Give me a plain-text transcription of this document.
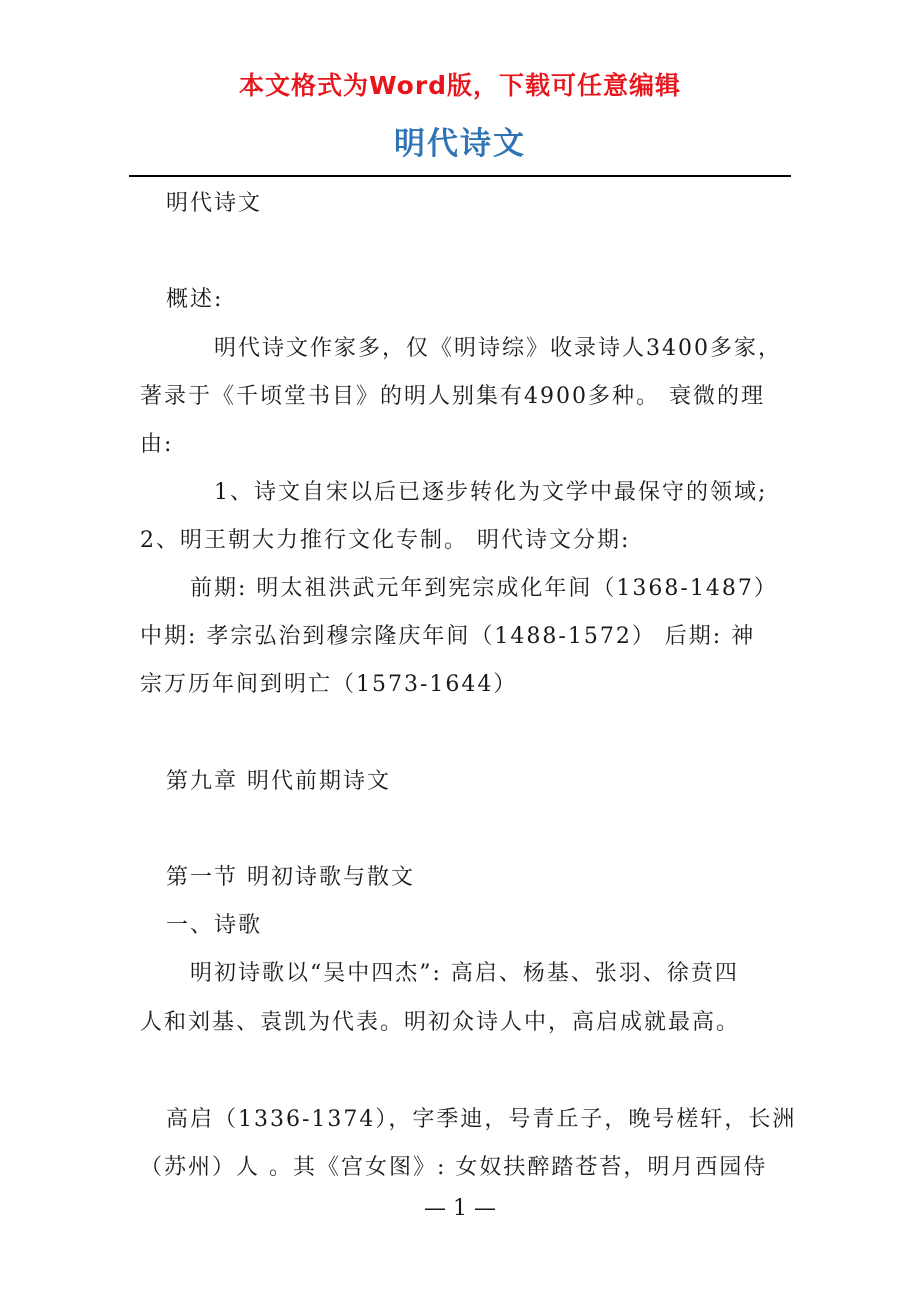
本文格式为Word版，下载可任意编辑
明代诗文
明代诗文
概述:
明代诗文作家多，仅《明诗综》收录诗人3400多家，
著录于《千顷堂书目》的明人别集有4900多种。 衰微的理
由:
1、诗文自宋以后已逐步转化为文学中最保守的领域;
2、明王朝大力推行文化专制。 明代诗文分期:
前期: 明太祖洪武元年到宪宗成化年间（1368-1487）
中期: 孝宗弘治到穆宗隆庆年间（1488-1572） 后期: 神
宗万历年间到明亡（1573-1644）
第九章 明代前期诗文
第一节 明初诗歌与散文
一、诗歌
明初诗歌以“吴中四杰”: 高启、杨基、张羽、徐贲四
人和刘基、袁凯为代表。明初众诗人中，高启成就最高。
高启（1336-1374），字季迪，号青丘子，晚号槎轩，长洲
（苏州）人 。其《宫女图》: 女奴扶醉踏苍苔，明月西园侍
— 1 —
